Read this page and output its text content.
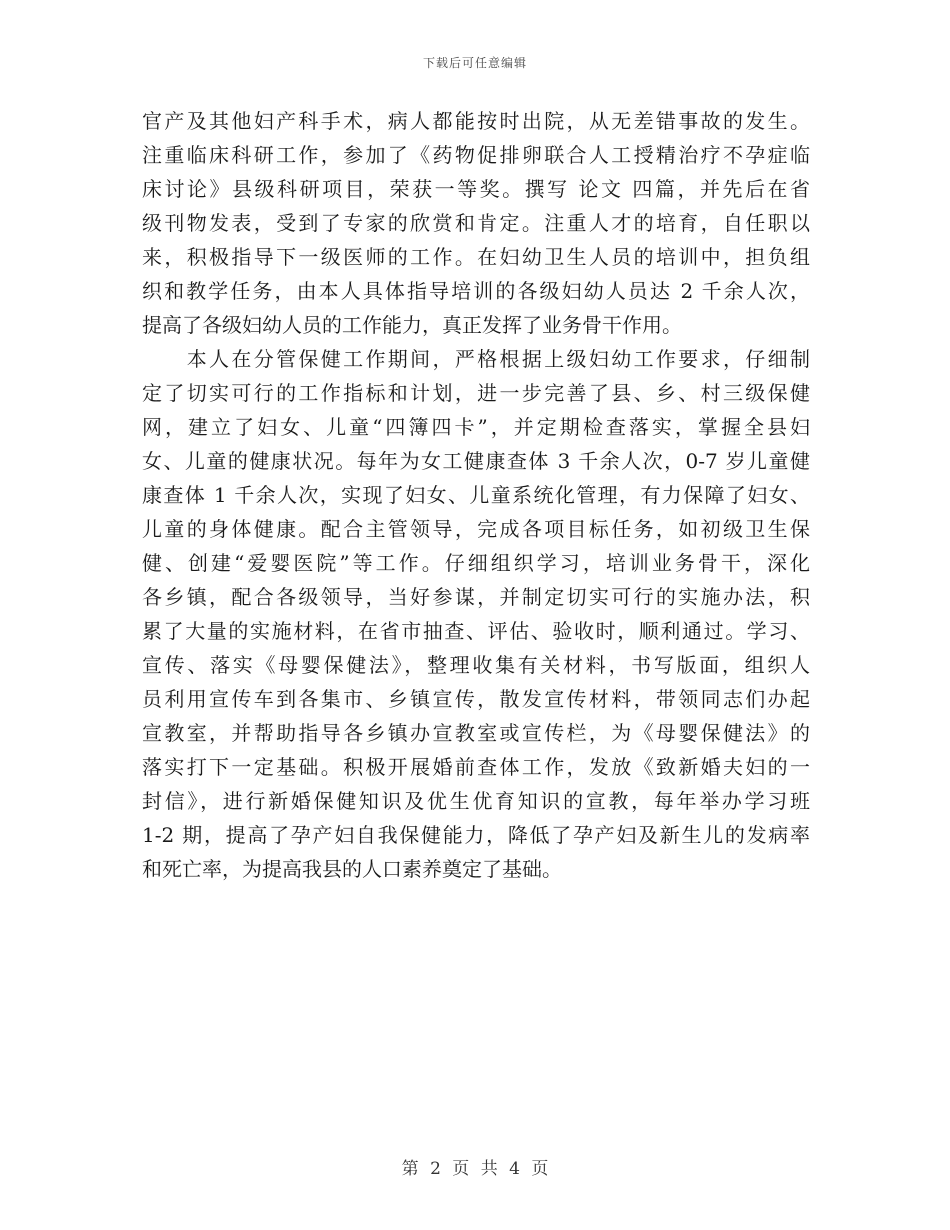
下载后可任意编辑
官产及其他妇产科手术，病人都能按时出院，从无差错事故的发生。
注重临床科研工作，参加了《药物促排卵联合人工授精治疗不孕症临
床讨论》县级科研项目，荣获一等奖。撰写 论文 四篇，并先后在省
级刊物发表，受到了专家的欣赏和肯定。注重人才的培育，自任职以
来，积极指导下一级医师的工作。在妇幼卫生人员的培训中，担负组
织和教学任务，由本人具体指导培训的各级妇幼人员达 2 千余人次，
提高了各级妇幼人员的工作能力，真正发挥了业务骨干作用。
　　本人在分管保健工作期间，严格根据上级妇幼工作要求，仔细制
定了切实可行的工作指标和计划，进一步完善了县、乡、村三级保健
网，建立了妇女、儿童“四簿四卡”，并定期检查落实，掌握全县妇
女、儿童的健康状况。每年为女工健康查体 3 千余人次，0-7 岁儿童健
康查体 1 千余人次，实现了妇女、儿童系统化管理，有力保障了妇女、
儿童的身体健康。配合主管领导，完成各项目标任务，如初级卫生保
健、创建“爱婴医院”等工作。仔细组织学习，培训业务骨干，深化
各乡镇，配合各级领导，当好参谋，并制定切实可行的实施办法，积
累了大量的实施材料，在省市抽查、评估、验收时，顺利通过。学习、
宣传、落实《母婴保健法》，整理收集有关材料，书写版面，组织人
员利用宣传车到各集市、乡镇宣传，散发宣传材料，带领同志们办起
宣教室，并帮助指导各乡镇办宣教室或宣传栏，为《母婴保健法》的
落实打下一定基础。积极开展婚前查体工作，发放《致新婚夫妇的一
封信》，进行新婚保健知识及优生优育知识的宣教，每年举办学习班
1-2 期，提高了孕产妇自我保健能力，降低了孕产妇及新生儿的发病率
和死亡率，为提高我县的人口素养奠定了基础。
第 2 页 共 4 页
